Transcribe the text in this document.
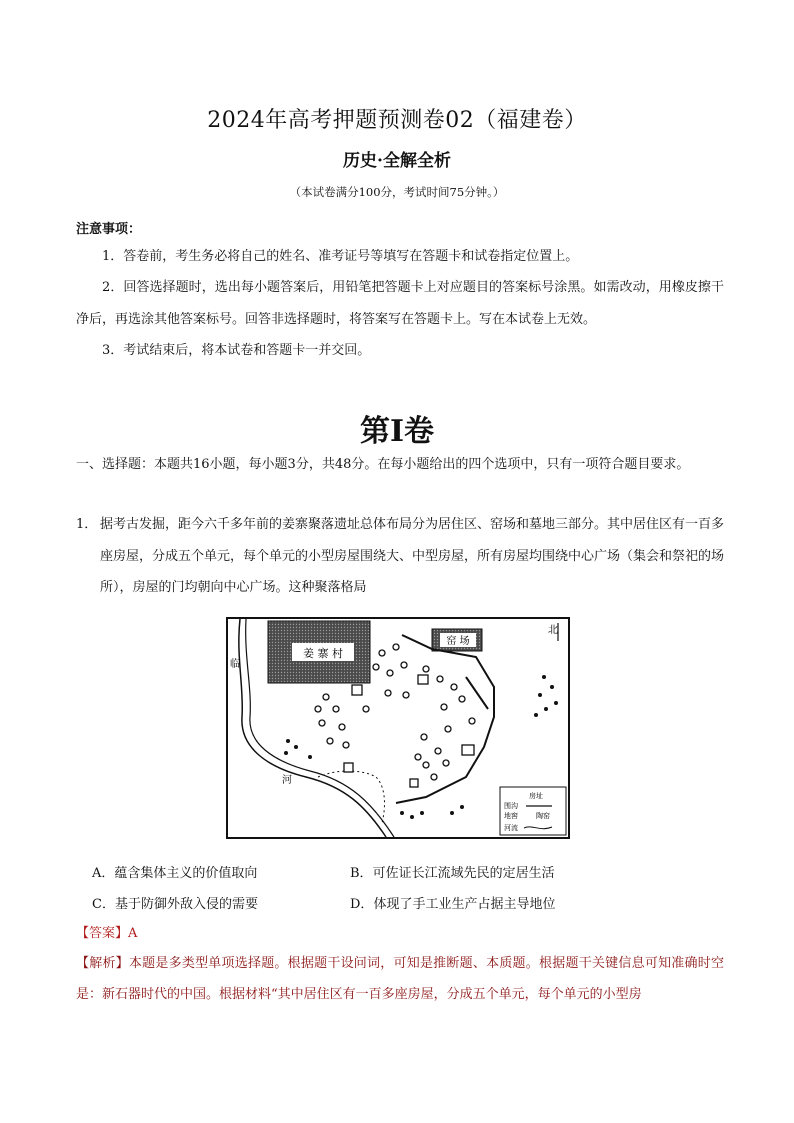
2024年高考押题预测卷02（福建卷）
历史·全解全析
（本试卷满分100分，考试时间75分钟。）
注意事项：
1．答卷前，考生务必将自己的姓名、准考证号等填写在答题卡和试卷指定位置上。
2．回答选择题时，选出每小题答案后，用铅笔把答题卡上对应题目的答案标号涂黑。如需改动，用橡皮擦干净后，再选涂其他答案标号。回答非选择题时，将答案写在答题卡上。写在本试卷上无效。
3．考试结束后，将本试卷和答题卡一并交回。
第I卷
一、选择题：本题共16小题，每小题3分，共48分。在每小题给出的四个选项中，只有一项符合题目要求。
1． 据考古发掘，距今六千多年前的姜寨聚落遗址总体布局分为居住区、窑场和墓地三部分。其中居住区有一百多座房屋，分成五个单元，每个单元的小型房屋围绕大、中型房屋，所有房屋均围绕中心广场（集会和祭祀的场所），房屋的门均朝向中心广场。这种聚落格局
姜 寨 村
窑 场
北
临
河
房址
围沟
地窖	陶窑
河流
A．蕴含集体主义的价值取向	B．可佐证长江流域先民的定居生活
C．基于防御外敌入侵的需要	D．体现了手工业生产占据主导地位
【答案】A
【解析】本题是多类型单项选择题。根据题干设问词，可知是推断题、本质题。根据题干关键信息可知准确时空是：新石器时代的中国。根据材料“其中居住区有一百多座房屋，分成五个单元，每个单元的小型房
